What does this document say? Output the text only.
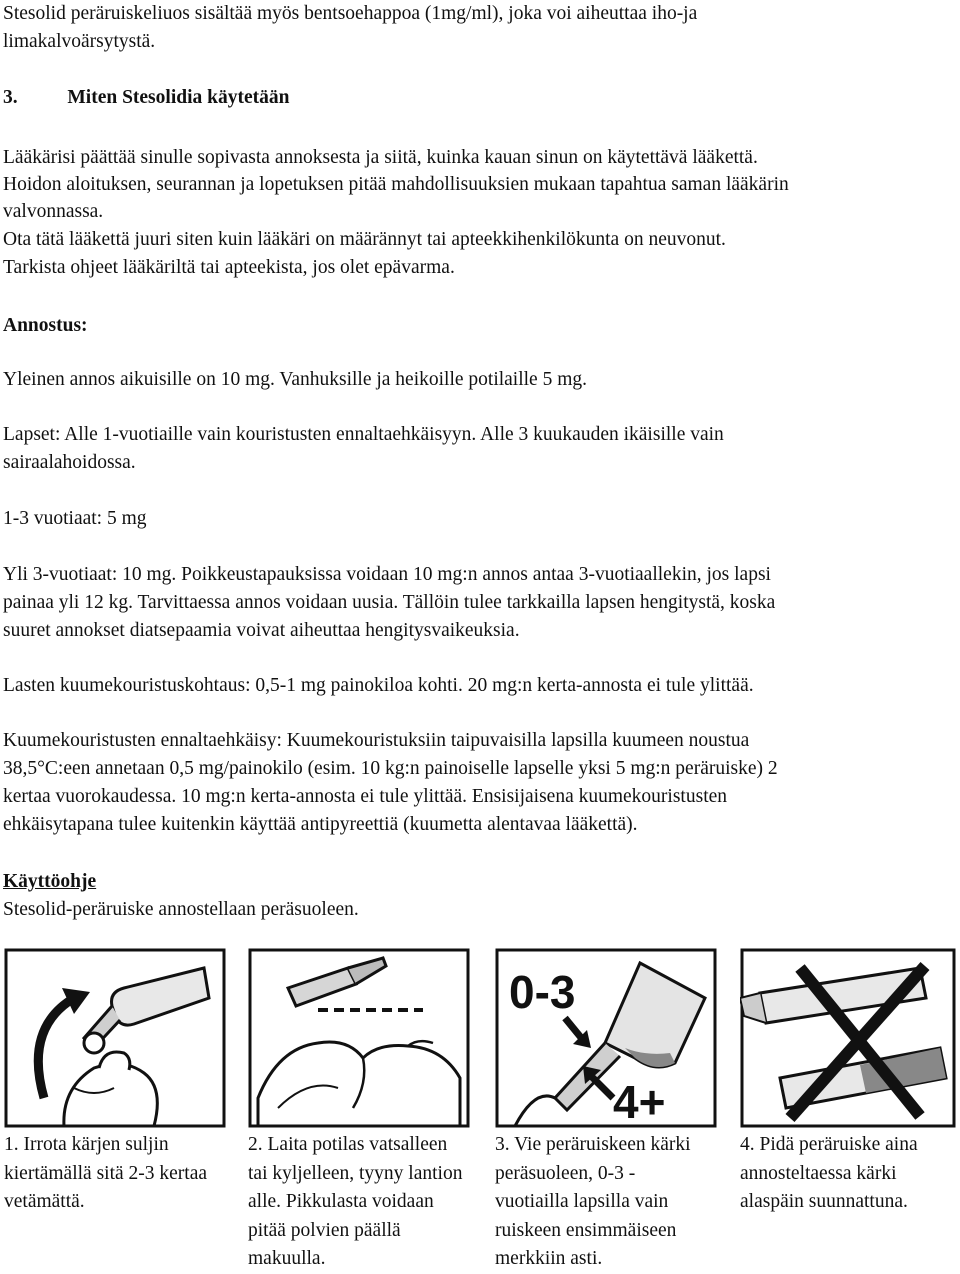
Stesolid peräruiskeliuos sisältää myös bentsoehappoa (1mg/ml), joka voi aiheuttaa iho-ja

limakalvoärsytystä.

3.	Miten Stesolidia käytetään

Lääkärisi päättää sinulle sopivasta annoksesta ja siitä, kuinka kauan sinun on käytettävä lääkettä.

Hoidon aloituksen, seurannan ja lopetuksen pitää mahdollisuuksien mukaan tapahtua saman lääkärin

valvonnassa.

Ota tätä lääkettä juuri siten kuin lääkäri on määrännyt tai apteekkihenkilökunta on neuvonut.

Tarkista ohjeet lääkäriltä tai apteekista, jos olet epävarma.

Annostus:

Yleinen annos aikuisille on 10 mg. Vanhuksille ja heikoille potilaille 5 mg.

Lapset: Alle 1-vuotiaille vain kouristusten ennaltaehkäisyyn. Alle 3 kuukauden ikäisille vain

sairaalahoidossa.

1-3 vuotiaat: 5 mg

Yli 3-vuotiaat: 10 mg. Poikkeustapauksissa voidaan 10 mg:n annos antaa 3-vuotiaallekin, jos lapsi

painaa yli 12 kg. Tarvittaessa annos voidaan uusia. Tällöin tulee tarkkailla lapsen hengitystä, koska

suuret annokset diatsepaamia voivat aiheuttaa hengitysvaikeuksia.

Lasten kuumekouristuskohtaus: 0,5-1 mg painokiloa kohti. 20 mg:n kerta-annosta ei tule ylittää.

Kuumekouristusten ennaltaehkäisy: Kuumekouristuksiin taipuvaisilla lapsilla kuumeen noustua

38,5°C:een annetaan 0,5 mg/painokilo (esim. 10 kg:n painoiselle lapselle yksi 5 mg:n peräruiske) 2

kertaa vuorokaudessa. 10 mg:n kerta-annosta ei tule ylittää. Ensisijaisena kuumekouristusten

ehkäisytapana tulee kuitenkin käyttää antipyreettiä (kuumetta alentavaa lääkettä).

Käyttöohje

Stesolid-peräruiske annostellaan peräsuoleen.

0-3
4+
1. Irrota kärjen suljin kiertämällä sitä 2-3 kertaa vetämättä.
2. Laita potilas vatsalleen tai kyljelleen, tyyny lantion alle. Pikkulasta voidaan pitää polvien päällä makuulla.
3. Vie peräruiskeen kärki peräsuoleen, 0-3 - vuotiailla lapsilla vain ruiskeen ensimmäiseen merkkiin asti.
4. Pidä peräruiske aina annosteltaessa kärki alaspäin suunnattuna.
